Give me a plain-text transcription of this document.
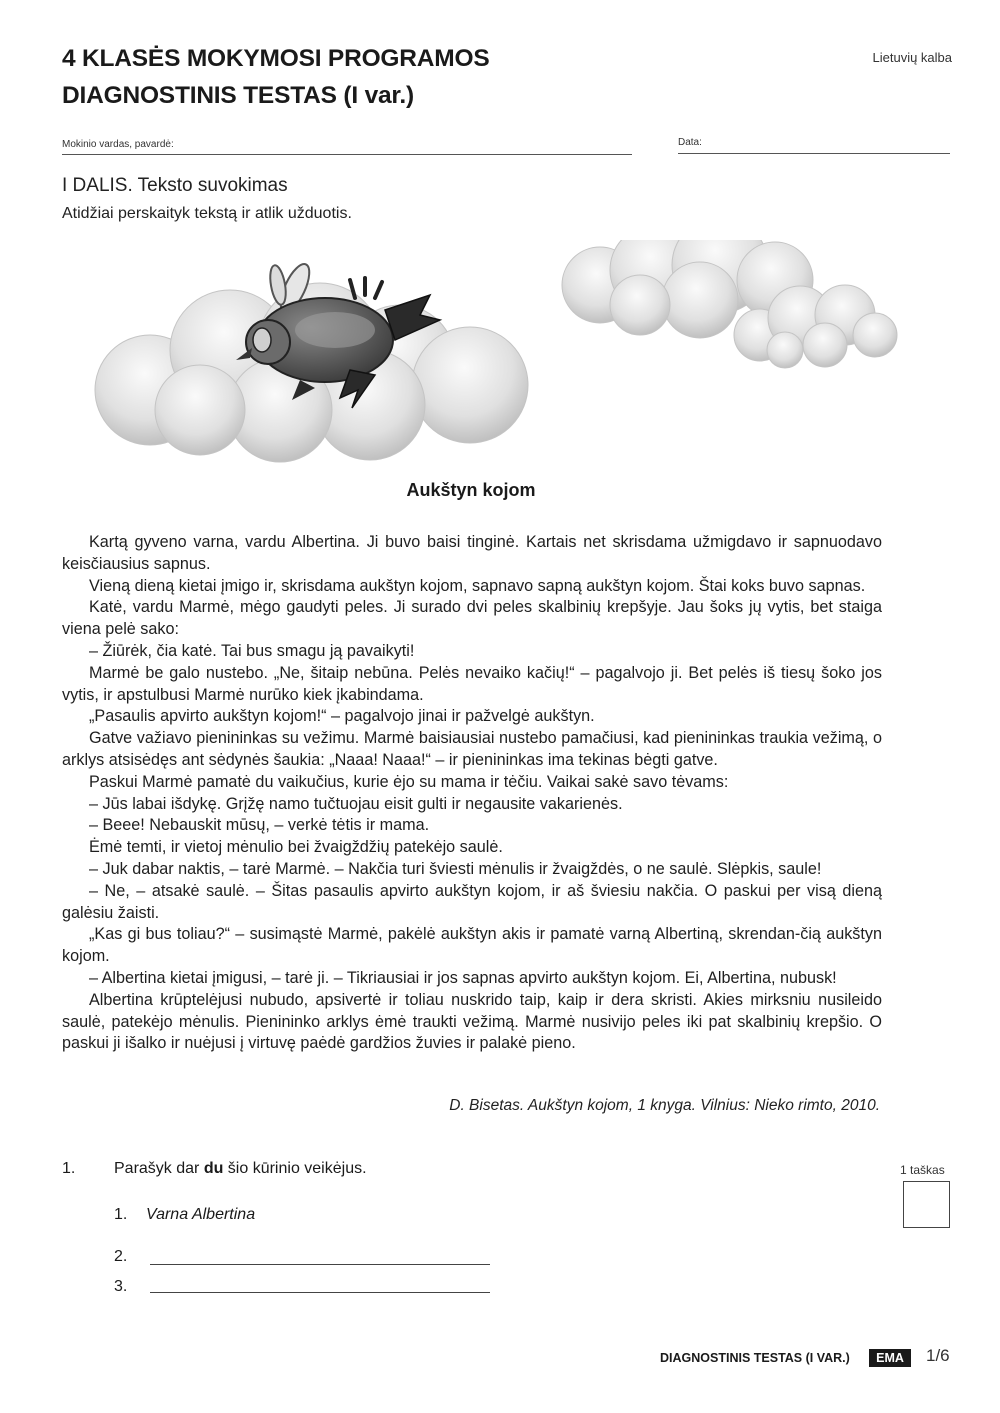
4 KLASĖS MOKYMOSI PROGRAMOS
DIAGNOSTINIS TESTAS (I var.)
Lietuvių kalba
Mokinio vardas, pavardė:	Data:
I DALIS. Teksto suvokimas
Atidžiai perskaityk tekstą ir atlik užduotis.
Aukštyn kojom

Kartą gyveno varna, vardu Albertina. Ji buvo baisi tinginė. Kartais net skrisdama užmigdavo ir sapnuodavo keisčiausius sapnus.

Vieną dieną kietai įmigo ir, skrisdama aukštyn kojom, sapnavo sapną aukštyn kojom. Štai koks buvo sapnas.

Katė, vardu Marmė, mėgo gaudyti peles. Ji surado dvi peles skalbinių krepšyje. Jau šoks jų vytis, bet staiga viena pelė sako:

– Žiūrėk, čia katė. Tai bus smagu ją pavaikyti!

Marmė be galo nustebo. „Ne, šitaip nebūna. Pelės nevaiko kačių!“ – pagalvojo ji. Bet pelės iš tiesų šoko jos vytis, ir apstulbusi Marmė nurūko kiek įkabindama.

„Pasaulis apvirto aukštyn kojom!“ – pagalvojo jinai ir pažvelgė aukštyn.

Gatve važiavo pienininkas su vežimu. Marmė baisiausiai nustebo pamačiusi, kad pienininkas traukia vežimą, o arklys atsisėdęs ant sėdynės šaukia: „Naaa! Naaa!“ – ir pienininkas ima tekinas bėgti gatve.

Paskui Marmė pamatė du vaikučius, kurie ėjo su mama ir tėčiu. Vaikai sakė savo tėvams:

– Jūs labai išdykę. Grįžę namo tučtuojau eisit gulti ir negausite vakarienės.

– Beee! Nebauskit mūsų, – verkė tėtis ir mama.

Ėmė temti, ir vietoj mėnulio bei žvaigždžių patekėjo saulė.

– Juk dabar naktis, – tarė Marmė. – Nakčia turi šviesti mėnulis ir žvaigždės, o ne saulė. Slėpkis, saule!

– Ne, – atsakė saulė. – Šitas pasaulis apvirto aukštyn kojom, ir aš šviesiu nakčia. O paskui per visą dieną galėsiu žaisti.

„Kas gi bus toliau?“ – susimąstė Marmė, pakėlė aukštyn akis ir pamatė varną Albertiną, skrendan-čią aukštyn kojom.

– Albertina kietai įmigusi, – tarė ji. – Tikriausiai ir jos sapnas apvirto aukštyn kojom. Ei, Albertina, nubusk!

Albertina krūptelėjusi nubudo, apsivertė ir toliau nuskrido taip, kaip ir dera skristi. Akies mirksniu nusileido saulė, patekėjo mėnulis. Pienininko arklys ėmė traukti vežimą. Marmė nusivijo peles iki pat skalbinių krepšio. O paskui ji išalko ir nuėjusi į virtuvę paėdė gardžios žuvies ir palakė pieno.

D. Bisetas. Aukštyn kojom, 1 knyga. Vilnius: Nieko rimto, 2010.
1. Parašyk dar du šio kūrinio veikėjus.	1 taškas
1. Varna Albertina
2.
3.
DIAGNOSTINIS TESTAS (I VAR.)	EMA	1/6
